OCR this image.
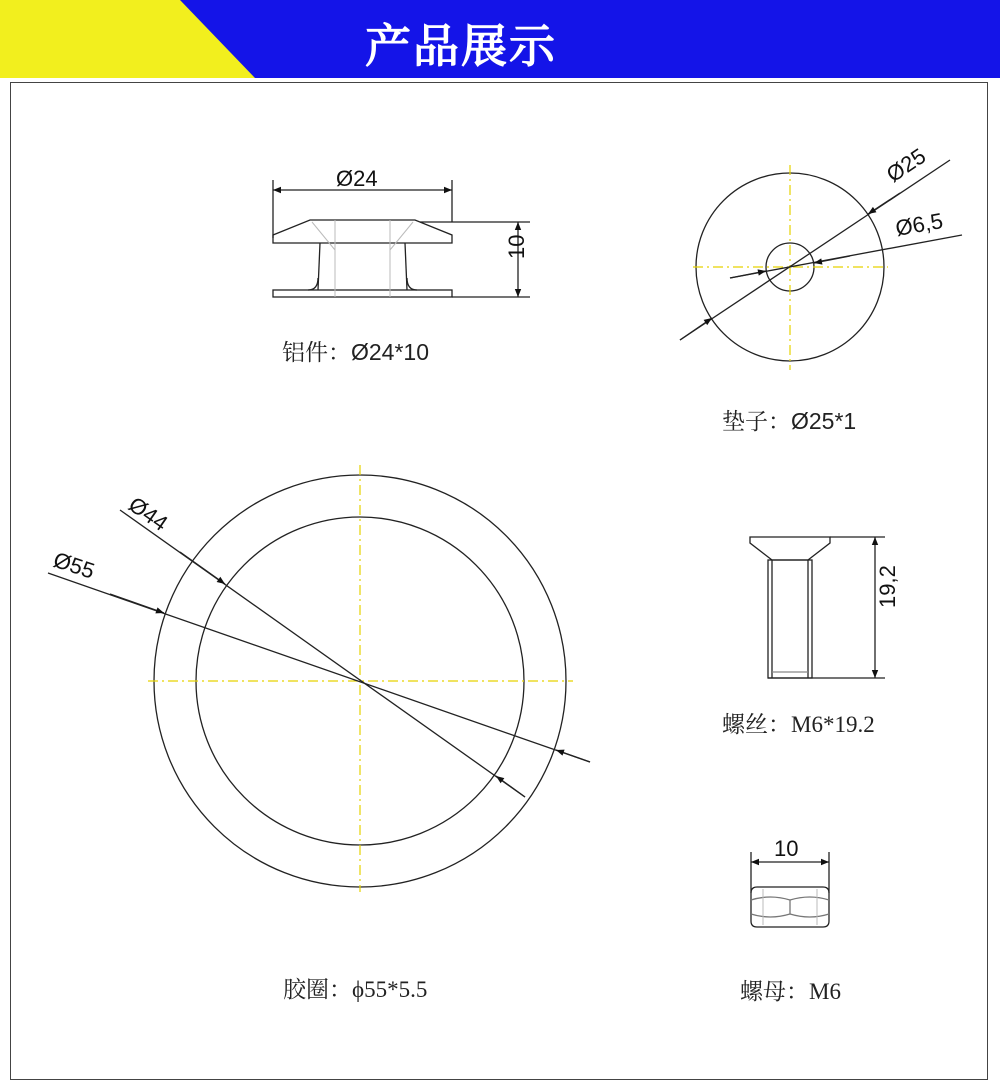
产品展示
Ø24
10
Ø25
Ø6,5
Ø44
Ø55	19,2
10
铝件：Ø24*10
垫子：Ø25*1
胶圈：ϕ55*5.5
螺丝：M6*19.2
螺母：M6
